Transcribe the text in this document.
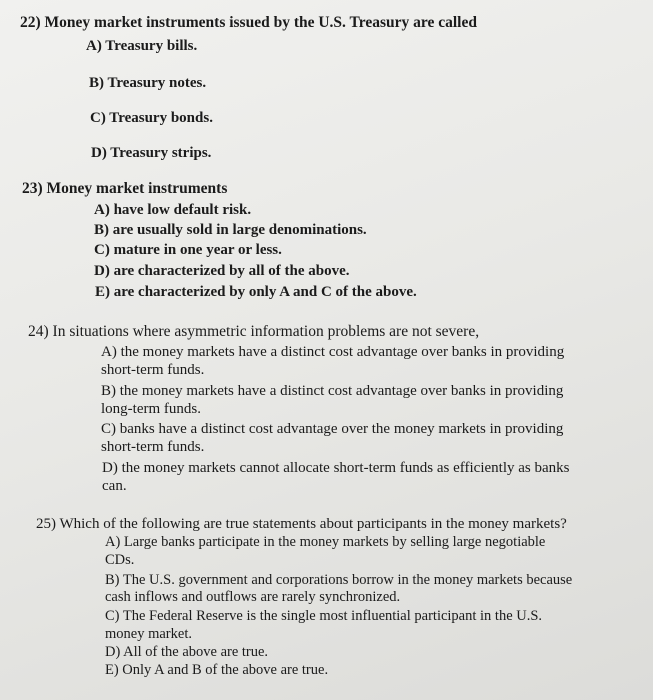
22) Money market instruments issued by the U.S. Treasury are called
A) Treasury bills.
B) Treasury notes.
C) Treasury bonds.
D) Treasury strips.
23) Money market instruments
A) have low default risk.
B) are usually sold in large denominations.
C) mature in one year or less.
D) are characterized by all of the above.
E) are characterized by only A and C of the above.
24) In situations where asymmetric information problems are not severe,
A) the money markets have a distinct cost advantage over banks in providing
short-term funds.
B) the money markets have a distinct cost advantage over banks in providing
long-term funds.
C) banks have a distinct cost advantage over the money markets in providing
short-term funds.
D) the money markets cannot allocate short-term funds as efficiently as banks
can.
25) Which of the following are true statements about participants in the money markets?
A) Large banks participate in the money markets by selling large negotiable
CDs.
B) The U.S. government and corporations borrow in the money markets because
cash inflows and outflows are rarely synchronized.
C) The Federal Reserve is the single most influential participant in the U.S.
money market.
D) All of the above are true.
E) Only A and B of the above are true.
